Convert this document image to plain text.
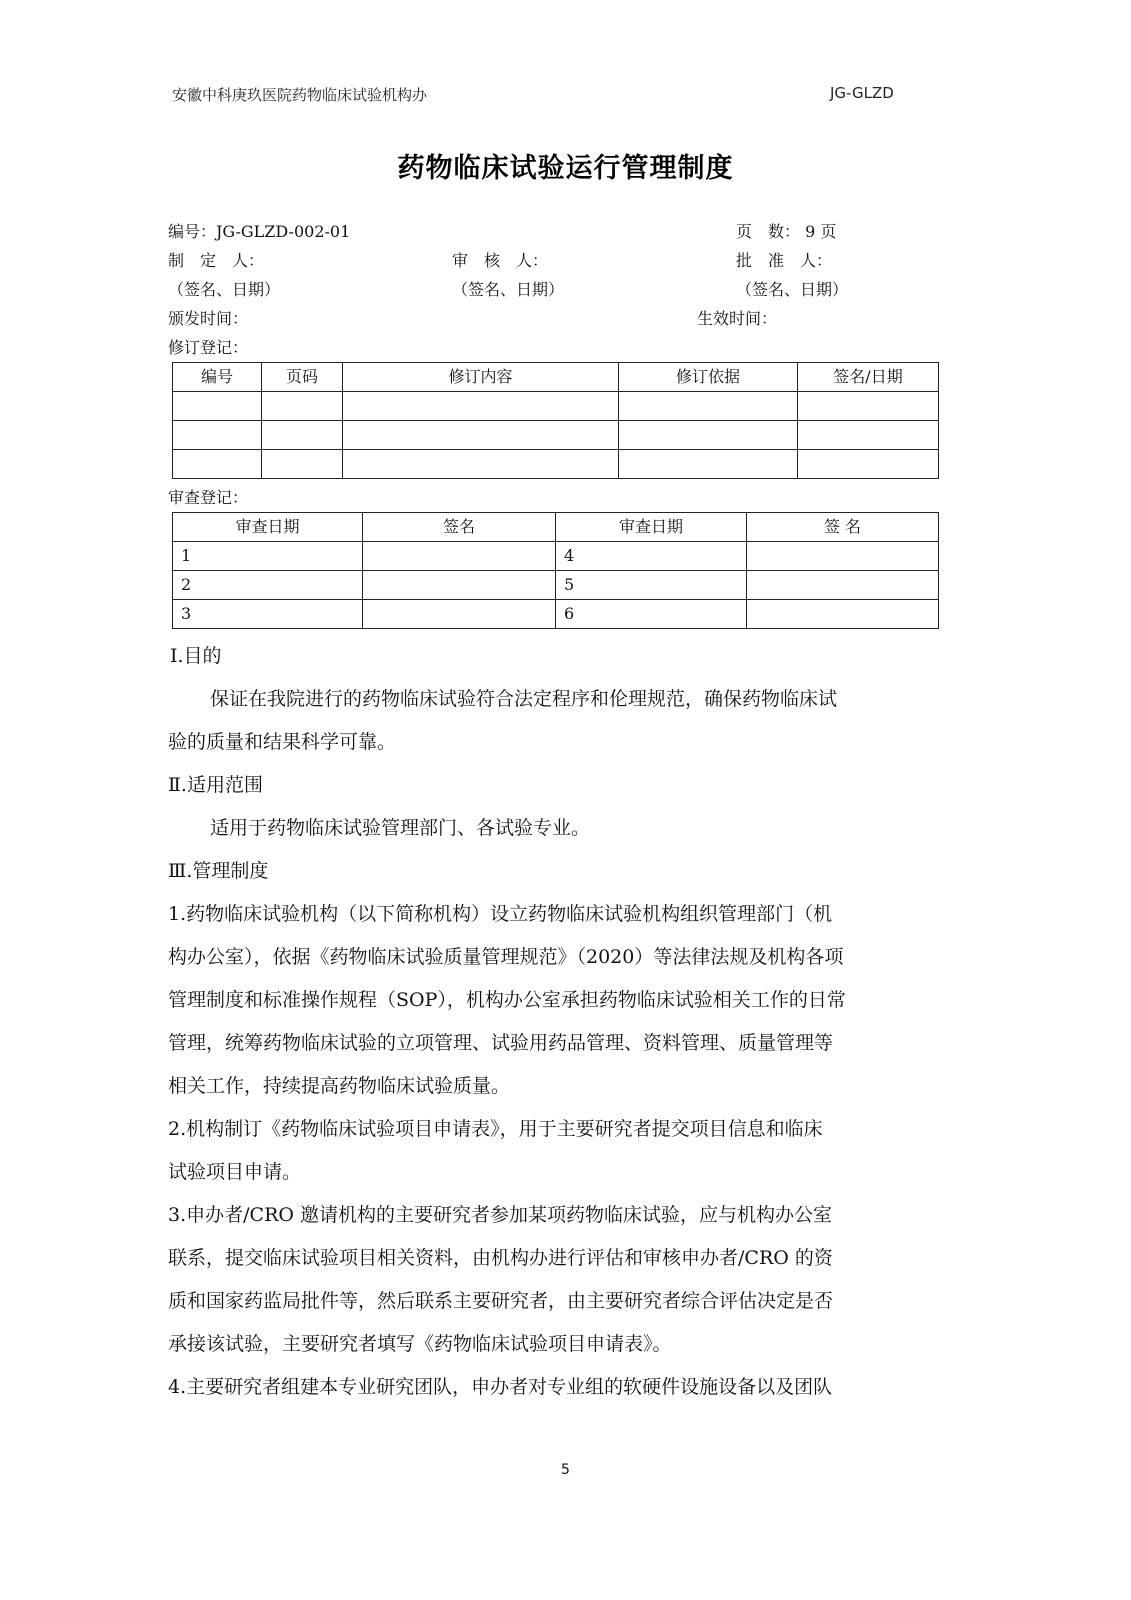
安徽中科庚玖医院药物临床试验机构办	JG-GLZD
药物临床试验运行管理制度
编号：JG-GLZD-002-01	页　数： 9 页
制　定　人：	审　核　人：	批　准　人：
（签名、日期）	（签名、日期）	（签名、日期）
颁发时间：	生效时间：
修订登记：
编号	页码	修订内容	修订依据	签名/日期

审查登记：
审查日期	签名	审查日期	签 名
1		4	
2		5	
3		6	
Ⅰ.目的
保证在我院进行的药物临床试验符合法定程序和伦理规范，确保药物临床试
验的质量和结果科学可靠。
Ⅱ.适用范围
适用于药物临床试验管理部门、各试验专业。
Ⅲ.管理制度
1.药物临床试验机构（以下简称机构）设立药物临床试验机构组织管理部门（机
构办公室），依据《药物临床试验质量管理规范》（2020）等法律法规及机构各项
管理制度和标准操作规程（SOP），机构办公室承担药物临床试验相关工作的日常
管理，统筹药物临床试验的立项管理、试验用药品管理、资料管理、质量管理等
相关工作，持续提高药物临床试验质量。
2.机构制订《药物临床试验项目申请表》，用于主要研究者提交项目信息和临床
试验项目申请。
3.申办者/CRO 邀请机构的主要研究者参加某项药物临床试验，应与机构办公室
联系，提交临床试验项目相关资料，由机构办进行评估和审核申办者/CRO 的资
质和国家药监局批件等，然后联系主要研究者，由主要研究者综合评估决定是否
承接该试验，主要研究者填写《药物临床试验项目申请表》。
4.主要研究者组建本专业研究团队，申办者对专业组的软硬件设施设备以及团队
5
